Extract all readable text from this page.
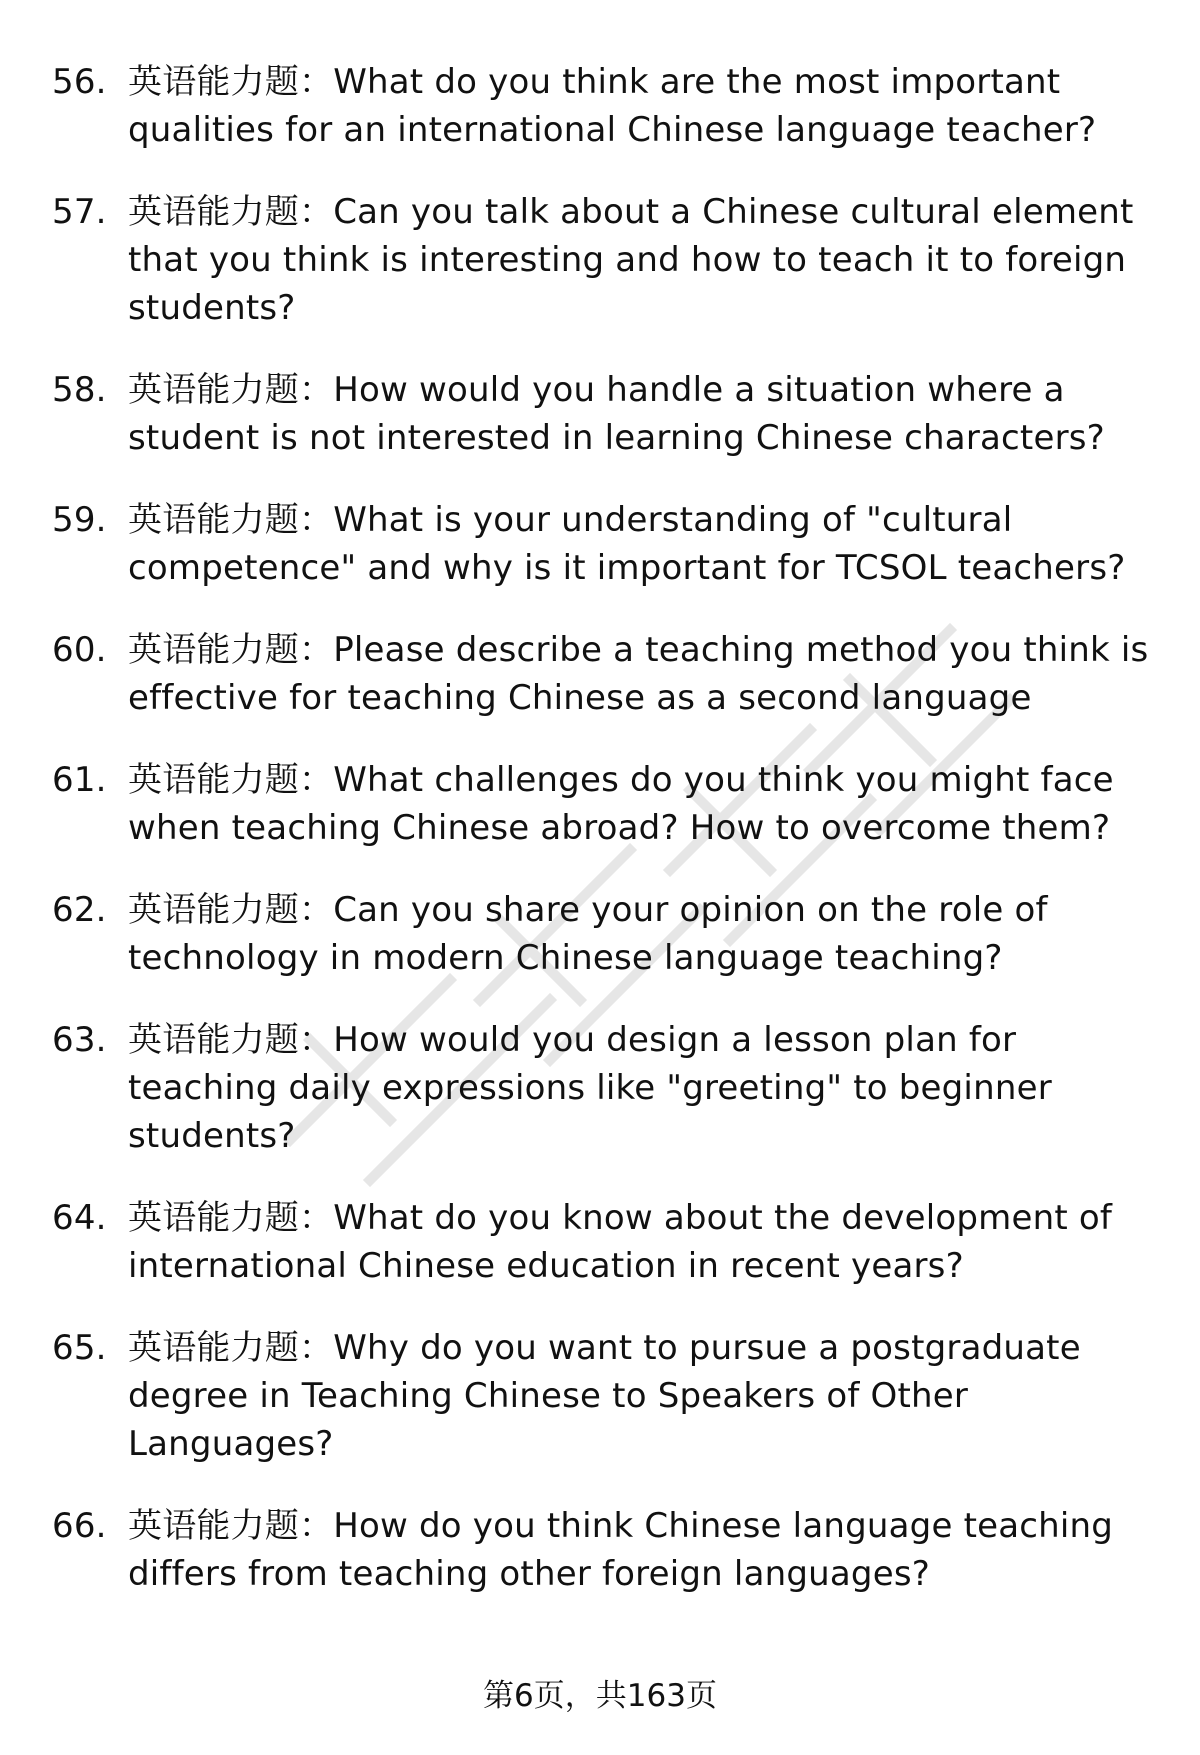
56. 英语能力题：What do you think are the most important qualities for an international Chinese language teacher?
57. 英语能力题：Can you talk about a Chinese cultural element that you think is interesting and how to teach it to foreign students?
58. 英语能力题：How would you handle a situation where a student is not interested in learning Chinese characters?
59. 英语能力题：What is your understanding of "cultural competence" and why is it important for TCSOL teachers?
60. 英语能力题：Please describe a teaching method you think is effective for teaching Chinese as a second language
61. 英语能力题：What challenges do you think you might face when teaching Chinese abroad? How to overcome them?
62. 英语能力题：Can you share your opinion on the role of technology in modern Chinese language teaching?
63. 英语能力题：How would you design a lesson plan for teaching daily expressions like "greeting" to beginner students?
64. 英语能力题：What do you know about the development of international Chinese education in recent years?
65. 英语能力题：Why do you want to pursue a postgraduate degree in Teaching Chinese to Speakers of Other Languages?
66. 英语能力题：How do you think Chinese language teaching differs from teaching other foreign languages?
第6页，共163页
